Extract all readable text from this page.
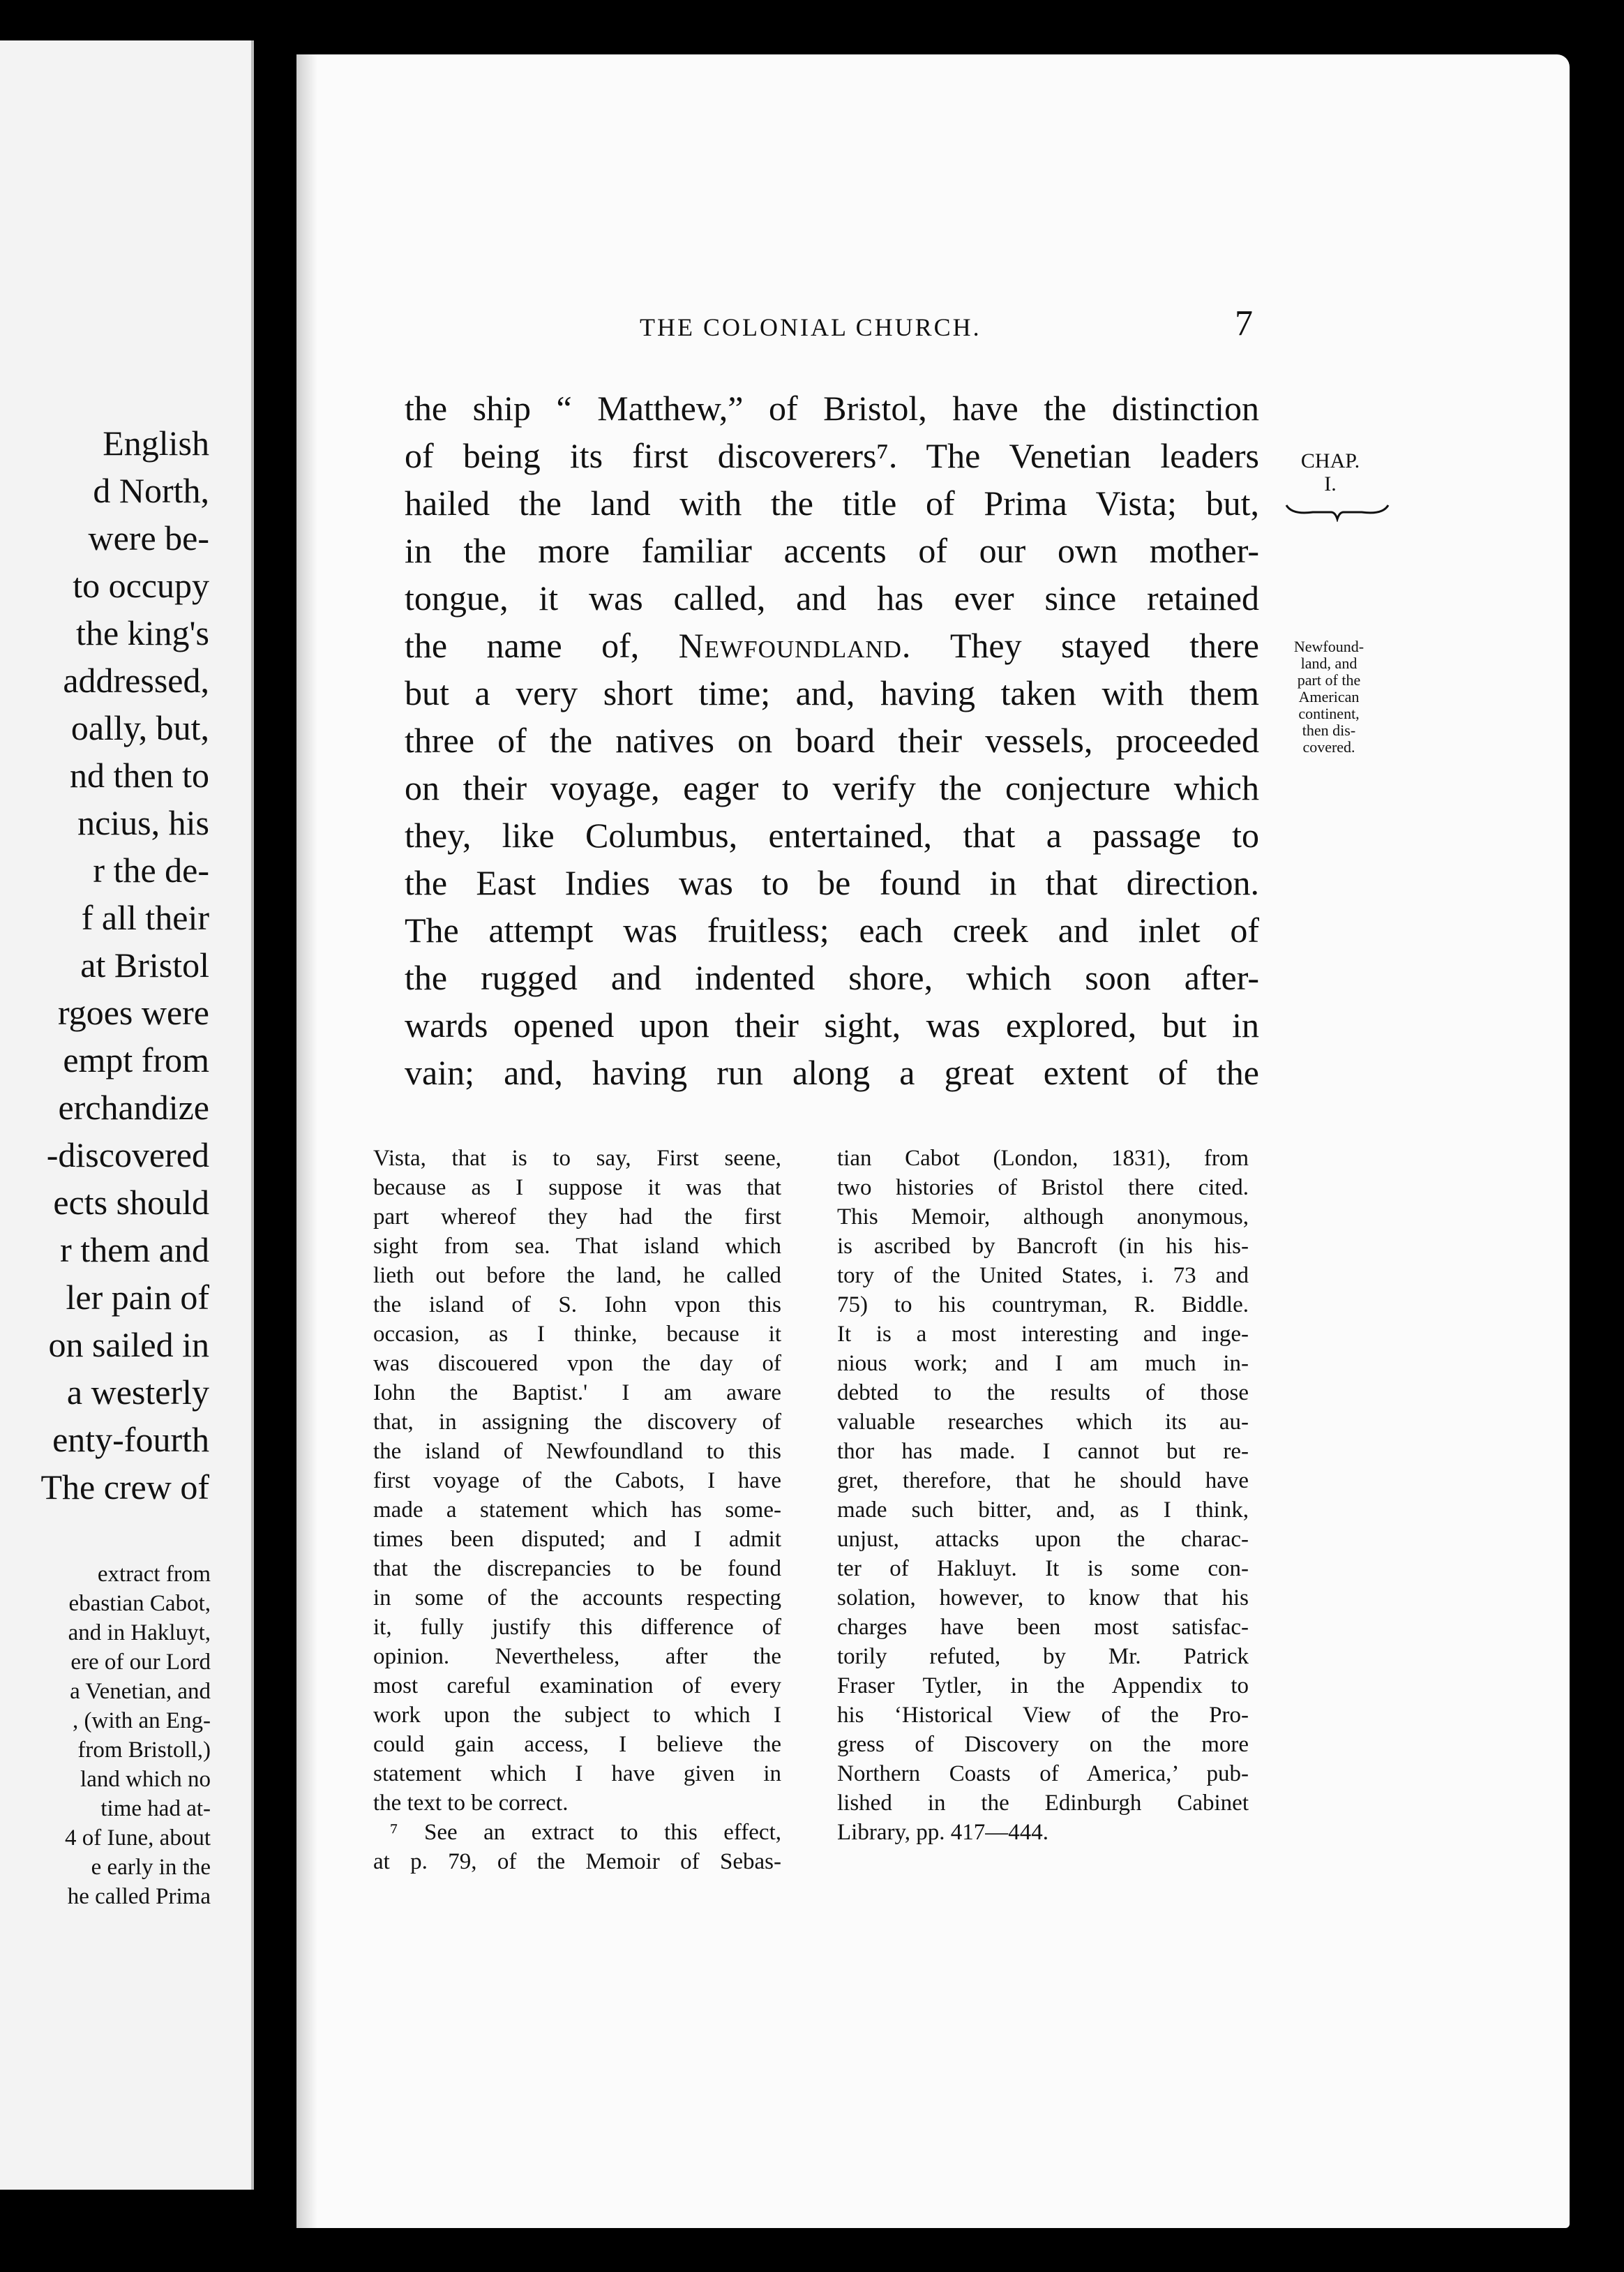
English
d North,
were be-
to occupy
the king's
addressed,
oally, but,
nd then to
ncius, his
r the de-
f all their
at Bristol
rgoes were
empt from
erchandize
-discovered
ects should
r them and
ler pain of
on sailed in
a westerly
enty-fourth
The crew of
extract from
ebastian Cabot,
and in Hakluyt,
ere of our Lord
a Venetian, and
, (with an Eng-
from Bristoll,)
land which no
time had at-
4 of Iune, about
e early in the
he called Prima
THE COLONIAL CHURCH.	7
CHAP.
I.
Newfound-
land, and
part of the
American
continent,
then dis-
covered.
the ship “ Matthew,” of Bristol, have the distinction
of being its first discoverers⁷. The Venetian leaders
hailed the land with the title of Prima Vista; but,
in the more familiar accents of our own mother-
tongue, it was called, and has ever since retained
the name of, Newfoundland. They stayed there
but a very short time; and, having taken with them
three of the natives on board their vessels, proceeded
on their voyage, eager to verify the conjecture which
they, like Columbus, entertained, that a passage to
the East Indies was to be found in that direction.
The attempt was fruitless; each creek and inlet of
the rugged and indented shore, which soon after-
wards opened upon their sight, was explored, but in
vain; and, having run along a great extent of the
Vista, that is to say, First seene,
because as I suppose it was that
part whereof they had the first
sight from sea. That island which
lieth out before the land, he called
the island of S. Iohn vpon this
occasion, as I thinke, because it
was discouered vpon the day of
Iohn the Baptist.' I am aware
that, in assigning the discovery of
the island of Newfoundland to this
first voyage of the Cabots, I have
made a statement which has some-
times been disputed; and I admit
that the discrepancies to be found
in some of the accounts respecting
it, fully justify this difference of
opinion. Nevertheless, after the
most careful examination of every
work upon the subject to which I
could gain access, I believe the
statement which I have given in
the text to be correct.
⁷ See an extract to this effect,
at p. 79, of the Memoir of Sebas-
tian Cabot (London, 1831), from
two histories of Bristol there cited.
This Memoir, although anonymous,
is ascribed by Bancroft (in his his-
tory of the United States, i. 73 and
75) to his countryman, R. Biddle.
It is a most interesting and inge-
nious work; and I am much in-
debted to the results of those
valuable researches which its au-
thor has made. I cannot but re-
gret, therefore, that he should have
made such bitter, and, as I think,
unjust, attacks upon the charac-
ter of Hakluyt. It is some con-
solation, however, to know that his
charges have been most satisfac-
torily refuted, by Mr. Patrick
Fraser Tytler, in the Appendix to
his ‘Historical View of the Pro-
gress of Discovery on the more
Northern Coasts of America,’ pub-
lished in the Edinburgh Cabinet
Library, pp. 417—444.
